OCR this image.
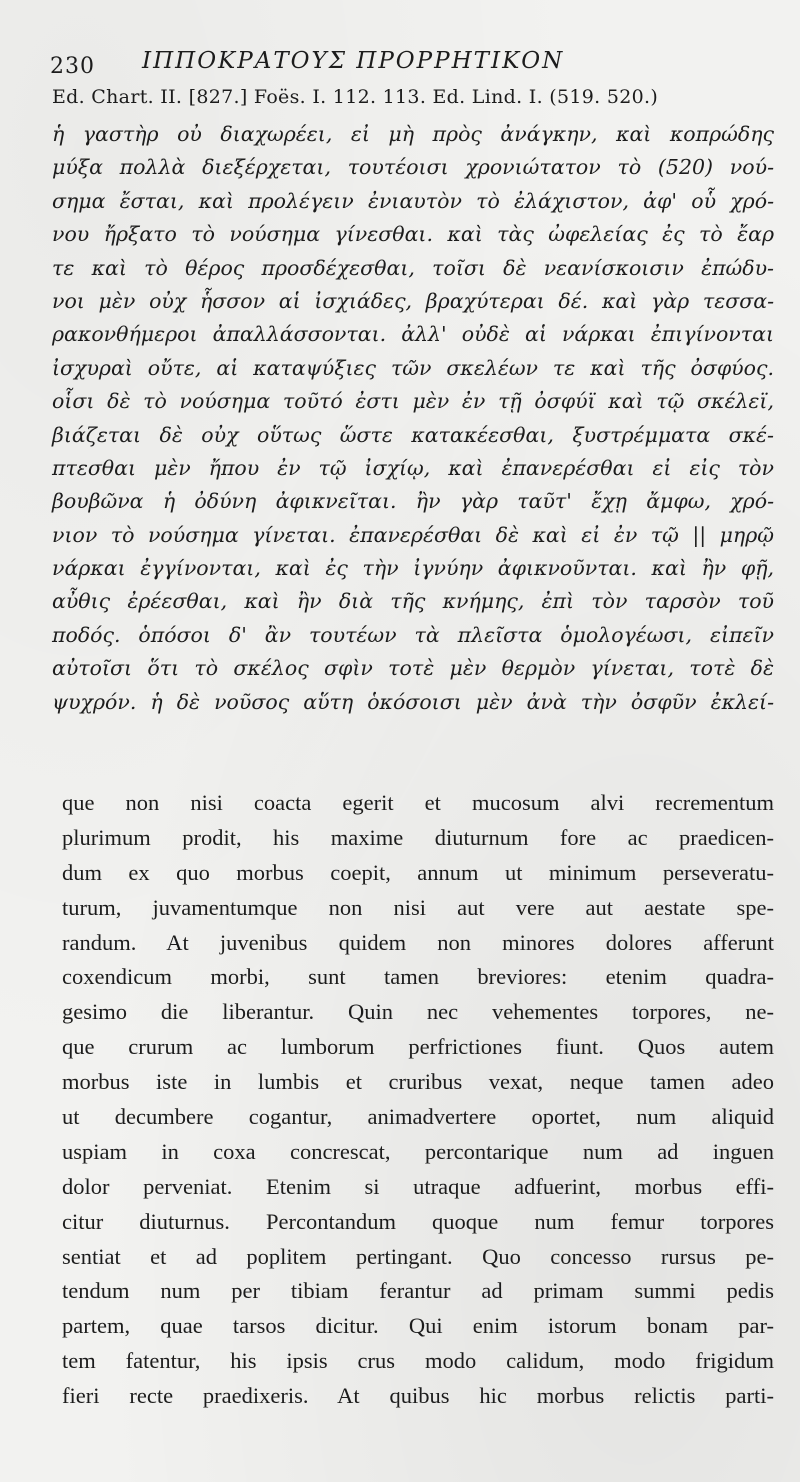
230 ΙΠΠΟΚΡΑΤΟΥΣ ΠΡΟΡΡΗΤΙΚΟΝ
Ed. Chart. II. [827.] Foës. I. 112. 113. Ed. Lind. I. (519. 520.)
ἡ γαστὴρ οὐ διαχωρέει, εἰ μὴ πρὸς ἀνάγκην, καὶ κοπρώδης
μύξα πολλὰ διεξέρχεται, τουτέοισι χρονιώτατον τὸ (520) νού-
σημα ἔσται, καὶ προλέγειν ἐνιαυτὸν τὸ ἐλάχιστον, ἀφ' οὗ χρό-
νου ἤρξατο τὸ νούσημα γίνεσθαι. καὶ τὰς ὠφελείας ἐς τὸ ἔαρ
τε καὶ τὸ θέρος προσδέχεσθαι, τοῖσι δὲ νεανίσκοισιν ἐπώδυ-
νοι μὲν οὐχ ἧσσον αἱ ἰσχιάδες, βραχύτεραι δέ. καὶ γὰρ τεσσα-
ρακονθήμεροι ἀπαλλάσσονται. ἀλλ' οὐδὲ αἱ νάρκαι ἐπιγίνονται
ἰσχυραὶ οὔτε, αἱ καταψύξιες τῶν σκελέων τε καὶ τῆς ὀσφύος.
οἷσι δὲ τὸ νούσημα τοῦτό ἐστι μὲν ἐν τῇ ὀσφύϊ καὶ τῷ σκέλεϊ,
βιάζεται δὲ οὐχ οὕτως ὥστε κατακέεσθαι, ξυστρέμματα σκέ-
πτεσθαι μὲν ἤπου ἐν τῷ ἰσχίῳ, καὶ ἐπανερέσθαι εἰ εἰς τὸν
βουβῶνα ἡ ὀδύνη ἀφικνεῖται. ἢν γὰρ ταῦτ' ἔχῃ ἄμφω, χρό-
νιον τὸ νούσημα γίνεται. ἐπανερέσθαι δὲ καὶ εἰ ἐν τῷ || μηρῷ
νάρκαι ἐγγίνονται, καὶ ἐς τὴν ἰγνύην ἀφικνοῦνται. καὶ ἢν φῇ,
αὖθις ἐρέεσθαι, καὶ ἢν διὰ τῆς κνήμης, ἐπὶ τὸν ταρσὸν τοῦ
ποδός. ὁπόσοι δ' ἂν τουτέων τὰ πλεῖστα ὁμολογέωσι, εἰπεῖν
αὐτοῖσι ὅτι τὸ σκέλος σφὶν τοτὲ μὲν θερμὸν γίνεται, τοτὲ δὲ
ψυχρόν. ἡ δὲ νοῦσος αὕτη ὁκόσοισι μὲν ἀνὰ τὴν ὀσφῦν ἐκλεί-
que non nisi coacta egerit et mucosum alvi recrementum
plurimum prodit, his maxime diuturnum fore ac praedicen-
dum ex quo morbus coepit, annum ut minimum perseveratu-
turum, juvamentumque non nisi aut vere aut aestate spe-
randum. At juvenibus quidem non minores dolores afferunt
coxendicum morbi, sunt tamen breviores: etenim quadra-
gesimo die liberantur. Quin nec vehementes torpores, ne-
que crurum ac lumborum perfrictiones fiunt. Quos autem
morbus iste in lumbis et cruribus vexat, neque tamen adeo
ut decumbere cogantur, animadvertere oportet, num aliquid
uspiam in coxa concrescat, percontarique num ad inguen
dolor perveniat. Etenim si utraque adfuerint, morbus effi-
citur diuturnus. Percontandum quoque num femur torpores
sentiat et ad poplitem pertingant. Quo concesso rursus pe-
tendum num per tibiam ferantur ad primam summi pedis
partem, quae tarsos dicitur. Qui enim istorum bonam par-
tem fatentur, his ipsis crus modo calidum, modo frigidum
fieri recte praedixeris. At quibus hic morbus relictis parti-
